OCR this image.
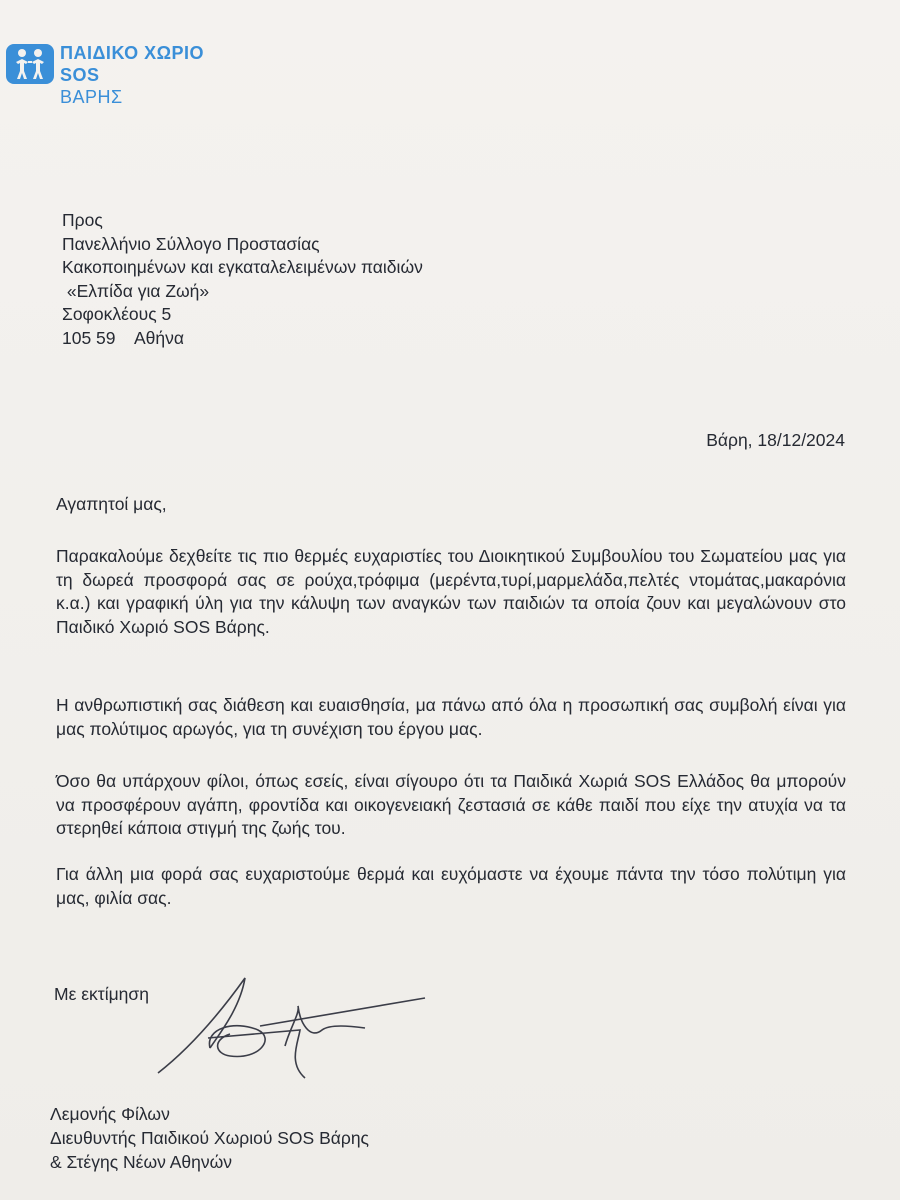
ΠΑΙΔΙΚΟ ΧΩΡΙΟ
SOS
ΒΑΡΗΣ
Προς
Πανελλήνιο Σύλλογο Προστασίας
Κακοποιημένων και εγκαταλελειμένων παιδιών
«Ελπίδα για Ζωή»
Σοφοκλέους 5
105 59    Αθήνα
Βάρη, 18/12/2024
Αγαπητοί μας,
Παρακαλούμε δεχθείτε τις πιο θερμές ευχαριστίες του Διοικητικού Συμβουλίου του Σωματείου μας για τη δωρεά προσφορά σας σε ρούχα,τρόφιμα (μερέντα,τυρί,μαρμελάδα,πελτές ντομάτας,μακαρόνια κ.α.) και γραφική ύλη για την κάλυψη των αναγκών των παιδιών τα οποία ζουν και μεγαλώνουν στο Παιδικό Χωριό SOS Βάρης.
Η ανθρωπιστική σας διάθεση και ευαισθησία, μα πάνω από όλα η προσωπική σας συμβολή είναι για μας πολύτιμος αρωγός, για τη συνέχιση του έργου μας.
Όσο θα υπάρχουν φίλοι, όπως εσείς, είναι σίγουρο ότι τα Παιδικά Χωριά SOS Ελλάδος θα μπορούν να προσφέρουν αγάπη, φροντίδα και οικογενειακή ζεστασιά σε κάθε παιδί που είχε την ατυχία να τα στερηθεί κάποια στιγμή της ζωής του.
Για άλλη μια φορά σας ευχαριστούμε θερμά και ευχόμαστε να έχουμε πάντα την τόσο πολύτιμη για μας, φιλία σας.
Με εκτίμηση
Λεμονής Φίλων
Διευθυντής Παιδικού Χωριού SOS Βάρης
& Στέγης Νέων Αθηνών
